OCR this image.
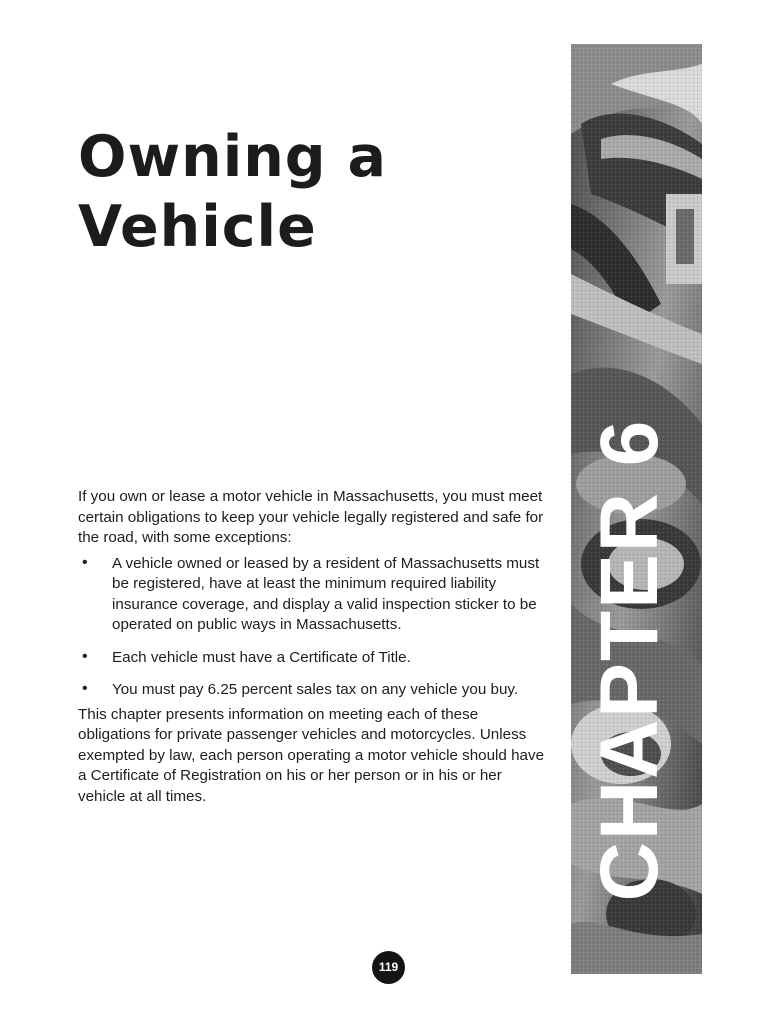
Owning a
Vehicle

If you own or lease a motor vehicle in Massachusetts, you must meet certain obligations to keep your vehicle legally registered and safe for the road, with some exceptions:

• A vehicle owned or leased by a resident of Massachusetts must be registered, have at least the minimum required liability insurance coverage, and display a valid inspection sticker to be operated on public ways in Massachusetts.
• Each vehicle must have a Certificate of Title.
• You must pay 6.25 percent sales tax on any vehicle you buy.

This chapter presents information on meeting each of these obligations for private passenger vehicles and motorcycles. Unless exempted by law, each person operating a motor vehicle should have a Certificate of Registration on his or her person or in his or her vehicle at all times.	CHAPTER 6
119
